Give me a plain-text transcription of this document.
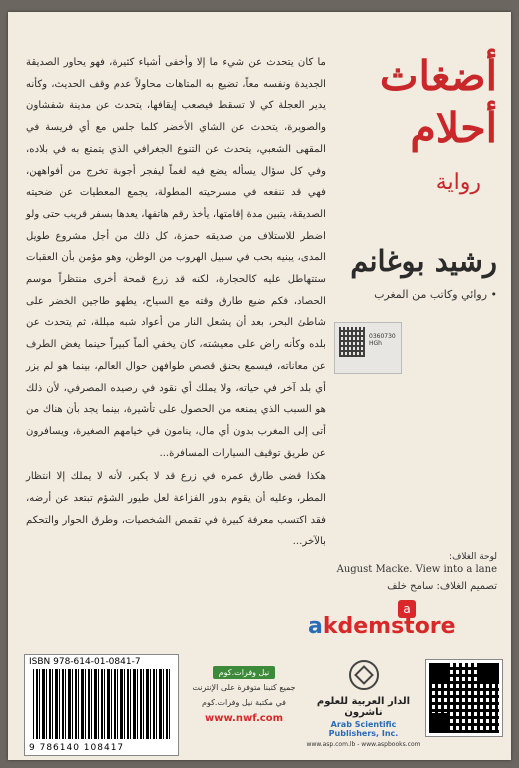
أضغاث
أحلام
رواية
رشيد بوغانم
• روائي وكاتب من المغرب

ما كان يتحدث عن شيء ما إلا وأخفى أشياء كثيرة، فهو يحاور الصديقة الجديدة ونفسه معاً، تضيع به المتاهات محاولاً عدم وقف الحديث، وكأنه يدير العجلة كي لا تسقط فيصعب إيقافها، يتحدث عن مدينة شفشاون والصويرة، يتحدث عن الشاي الأخضر كلما جلس مع أي فريسة في المقهى الشعبي، يتحدث عن التنوع الجغرافي الذي يتمتع به في بلاده، وفي كل سؤال يسأله يضع فيه لغماً ليفجر أجوبة تخرج من أفواههن، فهي قد تنفعه في مسرحيته المطولة، يجمع المعطيات عن ضحيته الصديقة، يتبين مدة إقامتها، يأخذ رقم هاتفها، يعدها بسفر قريب حتى ولو اضطر للاستلاف من صديقه حمزة، كل ذلك من أجل مشروع طويل المدى، يبنيه بحب في سبيل الهروب من الوطن، وهو مؤمن بأن العقبات ستتهاطل عليه كالحجارة، لكنه قد زرع قمحة أخرى منتظراً موسم الحصاد، فكم ضيع طارق وقته مع السياح، يطهو طاجين الخضر على شاطئ البحر، بعد أن يشعل النار من أعواد شبه مبللة، ثم يتحدث عن بلده وكأنه راض على معيشته، كان يخفي ألماً كبيراً حينما يغض الطرف عن معاناته، فيسمع بحنق قصص طوافهن حوال العالم، بينما هو لم يزر أي بلد آخر في حياته، ولا يملك أي نقود في رصيده المصرفي، لأن ذلك هو السبب الذي يمنعه من الحصول على تأشيرة، بينما يجد بأن هناك من أتى إلى المغرب بدون أي مال، ينامون في خيامهم الصغيرة، ويسافرون عن طريق توقيف السيارات المسافرة...

هكذا قضى طارق عمره في زرع قد لا يكبر، لأنه لا يملك إلا انتظار المطر، وعليه أن يقوم بدور الفزاعة لعل طيور الشؤم تبتعد عن أرضه، فقد اكتسب معرفة كبيرة في تقمص الشخصيات، وطرق الحوار والتحكم بالآخر...

0360730
HGh
لوحة الغلاف:
August Macke. View into a lane
تصميم الغلاف: سامح خلف
a
akdemstore
ISBN 978-614-01-0841-7
9 786140 108417
نيل وفرات.كوم
جميع كتبنا متوفرة على الإنترنت
في مكتبة نيل وفرات.كوم
www.nwf.com
الدار العربية للعلوم ناشرون
Arab Scientific Publishers, Inc.
www.asp.com.lb - www.aspbooks.com
